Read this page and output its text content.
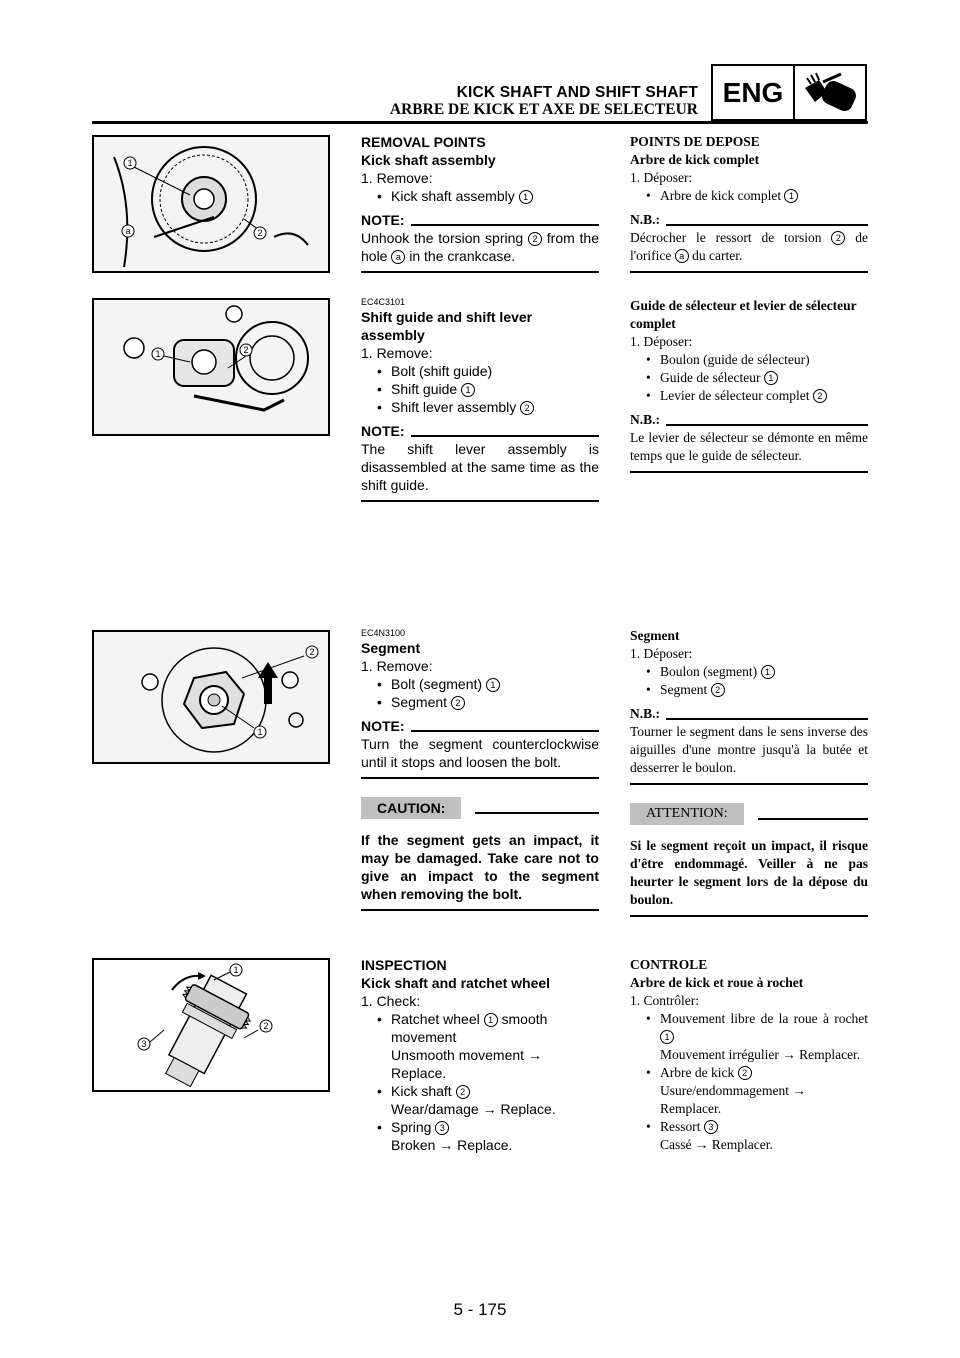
KICK SHAFT AND SHIFT SHAFT
ARBRE DE KICK ET AXE DE SELECTEUR
ENG
1
a	2
1	2
2
1
1
2
3
REMOVAL POINTS
Kick shaft assembly
1. Remove:
• Kick shaft assembly 1
NOTE:
Unhook the torsion spring 2 from the hole a in the crankcase.
POINTS DE DEPOSE
Arbre de kick complet
1. Déposer:
• Arbre de kick complet 1
N.B.:
Décrocher le ressort de torsion 2 de l'orifice a du carter.
EC4C3101
Shift guide and shift lever assembly
1. Remove:
• Bolt (shift guide)
• Shift guide 1
• Shift lever assembly 2
NOTE:
The shift lever assembly is disassembled at the same time as the shift guide.
Guide de sélecteur et levier de sélecteur complet
1. Déposer:
• Boulon (guide de sélecteur)
• Guide de sélecteur 1
• Levier de sélecteur complet 2
N.B.:
Le levier de sélecteur se démonte en même temps que le guide de sélecteur.
EC4N3100
Segment
1. Remove:
• Bolt (segment) 1
• Segment 2
NOTE:
Turn the segment counterclockwise until it stops and loosen the bolt.
CAUTION:
If the segment gets an impact, it may be damaged. Take care not to give an impact to the segment when removing the bolt.
Segment
1. Déposer:
• Boulon (segment) 1
• Segment 2
N.B.:
Tourner le segment dans le sens inverse des aiguilles d'une montre jusqu'à la butée et desserrer le boulon.
ATTENTION:
Si le segment reçoit un impact, il risque d'être endommagé. Veiller à ne pas heurter le segment lors de la dépose du boulon.
INSPECTION
Kick shaft and ratchet wheel
1. Check:
• Ratchet wheel 1 smooth movement
Unsmooth movement → Replace.
• Kick shaft 2
Wear/damage → Replace.
• Spring 3
Broken → Replace.
CONTROLE
Arbre de kick et roue à rochet
1. Contrôler:
• Mouvement libre de la roue à rochet 1
Mouvement irrégulier → Remplacer.
• Arbre de kick 2
Usure/endommagement → Remplacer.
• Ressort 3
Cassé → Remplacer.
5 - 175
